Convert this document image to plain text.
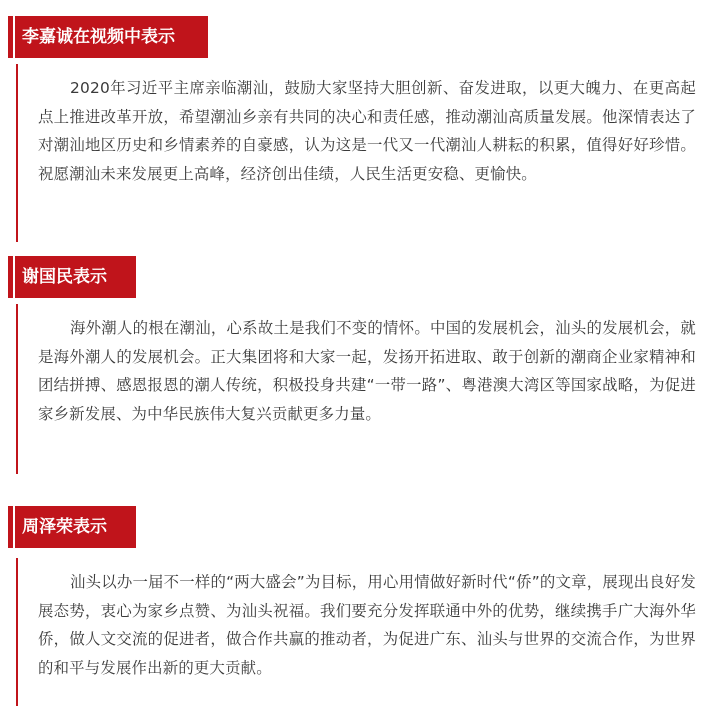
李嘉诚在视频中表示

2020年习近平主席亲临潮汕，鼓励大家坚持大胆创新、奋发进取，以更大魄力、在更高起点上推进改革开放，希望潮汕乡亲有共同的决心和责任感，推动潮汕高质量发展。他深情表达了对潮汕地区历史和乡情素养的自豪感，认为这是一代又一代潮汕人耕耘的积累，值得好好珍惜。祝愿潮汕未来发展更上高峰，经济创出佳绩，人民生活更安稳、更愉快。

谢国民表示

海外潮人的根在潮汕，心系故土是我们不变的情怀。中国的发展机会，汕头的发展机会，就是海外潮人的发展机会。正大集团将和大家一起，发扬开拓进取、敢于创新的潮商企业家精神和团结拼搏、感恩报恩的潮人传统，积极投身共建“一带一路”、粤港澳大湾区等国家战略，为促进家乡新发展、为中华民族伟大复兴贡献更多力量。

周泽荣表示

汕头以办一届不一样的“两大盛会”为目标，用心用情做好新时代“侨”的文章，展现出良好发展态势，衷心为家乡点赞、为汕头祝福。我们要充分发挥联通中外的优势，继续携手广大海外华侨，做人文交流的促进者，做合作共赢的推动者，为促进广东、汕头与世界的交流合作，为世界的和平与发展作出新的更大贡献。
